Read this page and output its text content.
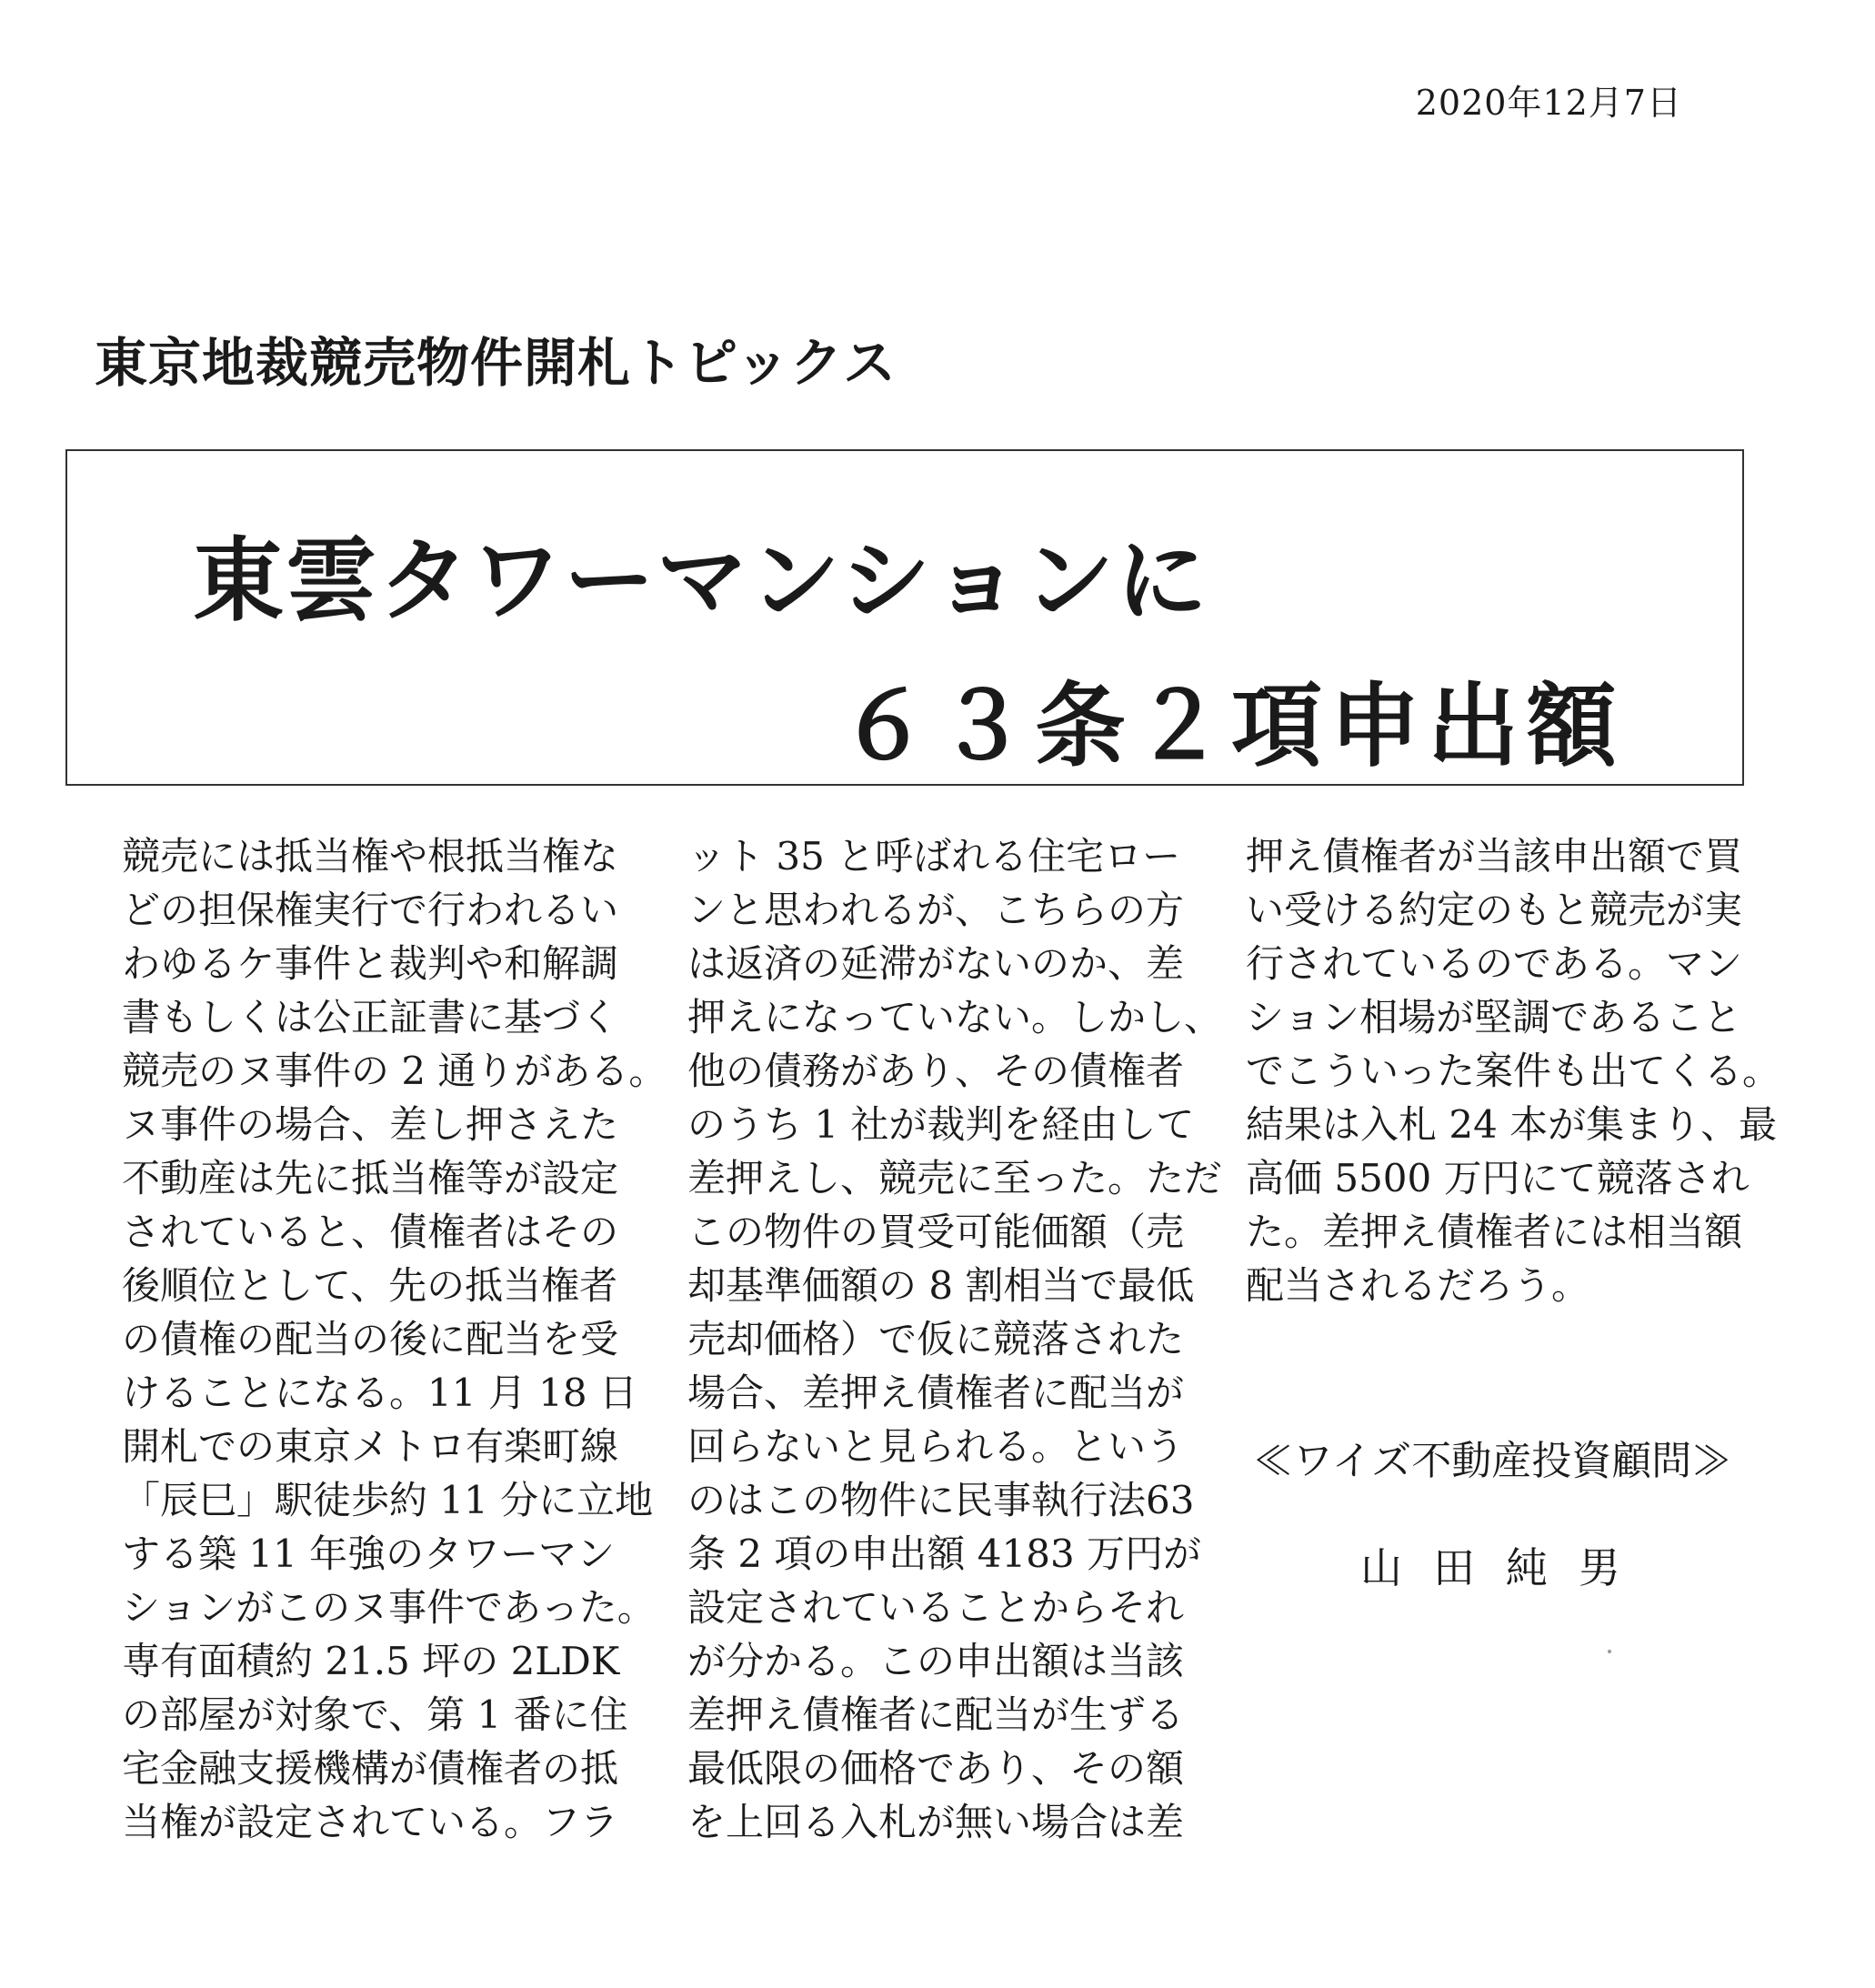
2020年12月7日
東京地裁競売物件開札トピックス
東雲タワーマンションに
６３条２項申出額
競売には抵当権や根抵当権な
どの担保権実行で行われるい
わゆるケ事件と裁判や和解調
書もしくは公正証書に基づく
競売のヌ事件の 2 通りがある。
ヌ事件の場合、差し押さえた
不動産は先に抵当権等が設定
されていると、債権者はその
後順位として、先の抵当権者
の債権の配当の後に配当を受
けることになる。11 月 18 日
開札での東京メトロ有楽町線
「辰巳」駅徒歩約 11 分に立地
する築 11 年強のタワーマン
ションがこのヌ事件であった。
専有面積約 21.5 坪の 2LDK
の部屋が対象で、第 1 番に住
宅金融支援機構が債権者の抵
当権が設定されている。フラ
ット 35 と呼ばれる住宅ロー
ンと思われるが、こちらの方
は返済の延滞がないのか、差
押えになっていない。しかし、
他の債務があり、その債権者
のうち 1 社が裁判を経由して
差押えし、競売に至った。ただ
この物件の買受可能価額（売
却基準価額の 8 割相当で最低
売却価格）で仮に競落された
場合、差押え債権者に配当が
回らないと見られる。という
のはこの物件に民事執行法63
条 2 項の申出額 4183 万円が
設定されていることからそれ
が分かる。この申出額は当該
差押え債権者に配当が生ずる
最低限の価格であり、その額
を上回る入札が無い場合は差
押え債権者が当該申出額で買
い受ける約定のもと競売が実
行されているのである。マン
ション相場が堅調であること
でこういった案件も出てくる。
結果は入札 24 本が集まり、最
高価 5500 万円にて競落され
た。差押え債権者には相当額
配当されるだろう。
≪ワイズ不動産投資顧問≫
山田純男
